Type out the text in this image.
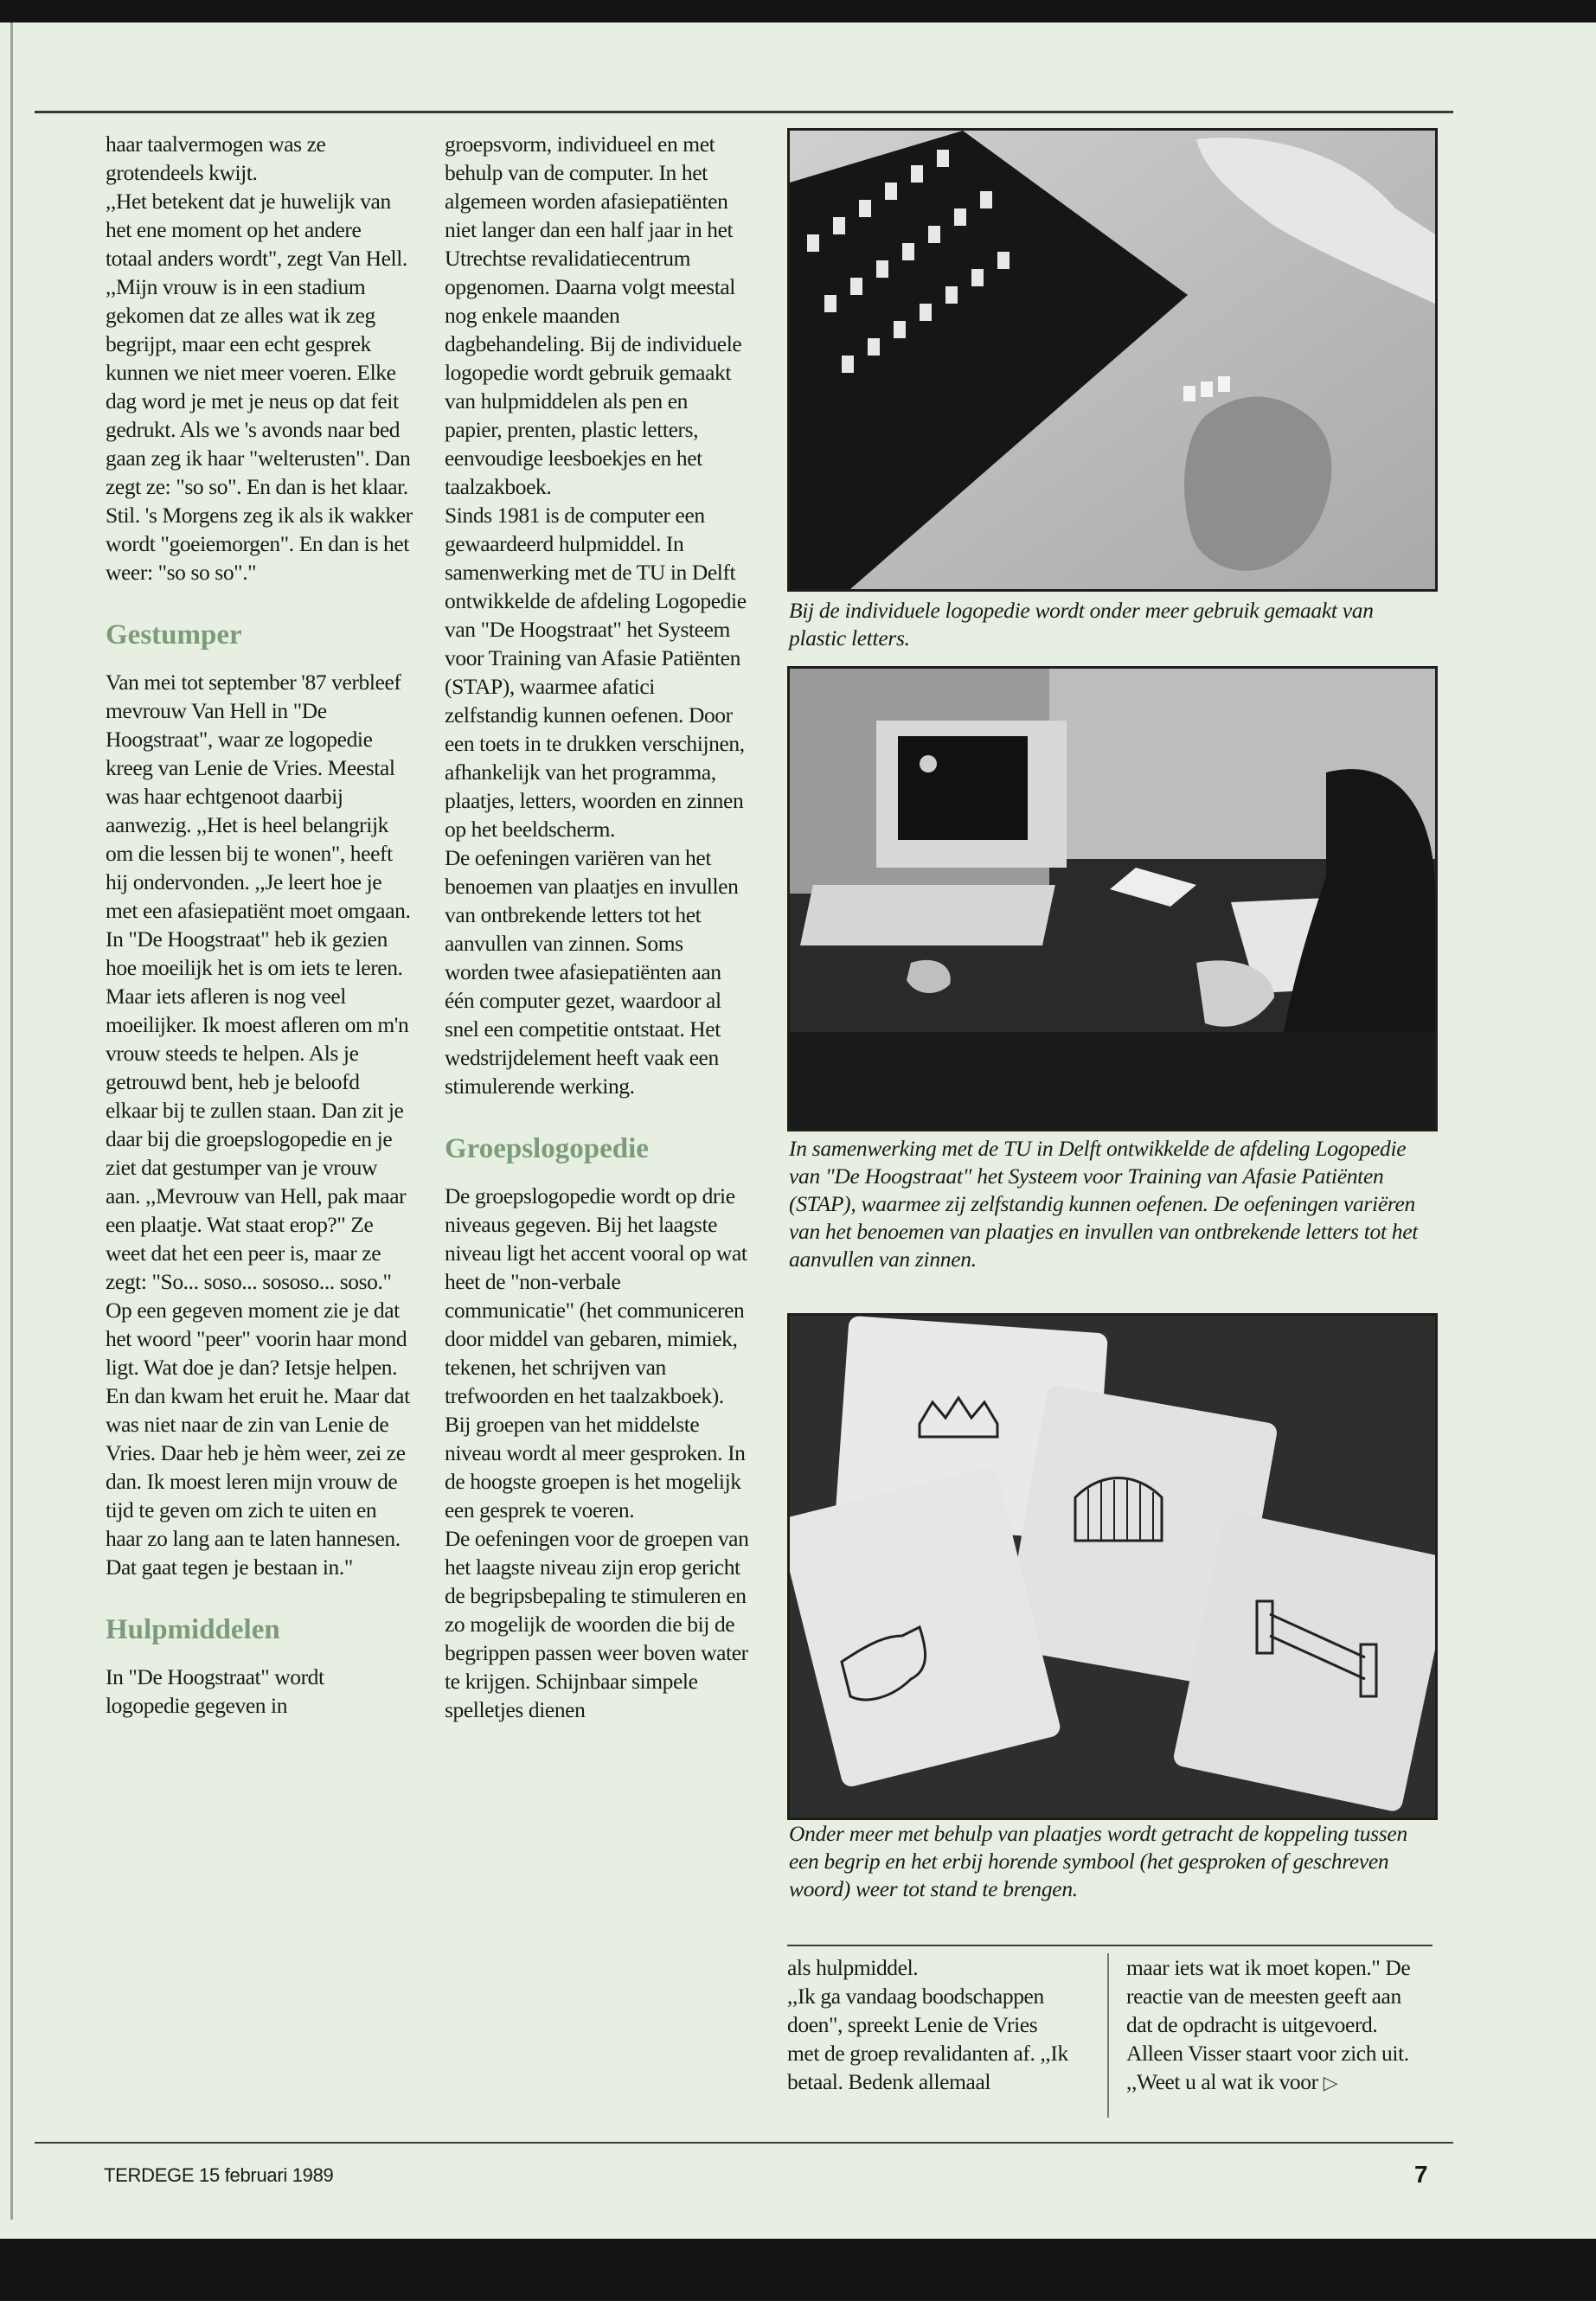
haar taalvermogen was ze grotendeels kwijt.

,,Het betekent dat je huwelijk van het ene moment op het andere totaal anders wordt", zegt Van Hell. ,,Mijn vrouw is in een stadium gekomen dat ze alles wat ik zeg begrijpt, maar een echt gesprek kunnen we niet meer voeren. Elke dag word je met je neus op dat feit gedrukt. Als we 's avonds naar bed gaan zeg ik haar "welterusten". Dan zegt ze: "so so". En dan is het klaar. Stil. 's Morgens zeg ik als ik wakker wordt "goeiemorgen". En dan is het weer: "so so so"."

Gestumper

Van mei tot september '87 verbleef mevrouw Van Hell in "De Hoogstraat", waar ze logopedie kreeg van Lenie de Vries. Meestal was haar echtgenoot daarbij aanwezig. ,,Het is heel belangrijk om die lessen bij te wonen", heeft hij ondervonden. ,,Je leert hoe je met een afasiepatiënt moet omgaan.

In "De Hoogstraat" heb ik gezien hoe moeilijk het is om iets te leren. Maar iets afleren is nog veel moeilijker. Ik moest afleren om m'n vrouw steeds te helpen. Als je getrouwd bent, heb je beloofd elkaar bij te zullen staan. Dan zit je daar bij die groepslogopedie en je ziet dat gestumper van je vrouw aan. ,,Mevrouw van Hell, pak maar een plaatje. Wat staat erop?" Ze weet dat het een peer is, maar ze zegt: "So... soso... sososo... soso."

Op een gegeven moment zie je dat het woord "peer" voorin haar mond ligt. Wat doe je dan? Ietsje helpen. En dan kwam het eruit he. Maar dat was niet naar de zin van Lenie de Vries. Daar heb je hèm weer, zei ze dan. Ik moest leren mijn vrouw de tijd te geven om zich te uiten en haar zo lang aan te laten hannesen. Dat gaat tegen je bestaan in."

Hulpmiddelen

In "De Hoogstraat" wordt logopedie gegeven in

groepsvorm, individueel en met behulp van de computer. In het algemeen worden afasiepatiënten niet langer dan een half jaar in het Utrechtse revalidatiecentrum opgenomen. Daarna volgt meestal nog enkele maanden dagbehandeling. Bij de individuele logopedie wordt gebruik gemaakt van hulpmiddelen als pen en papier, prenten, plastic letters, eenvoudige leesboekjes en het taalzakboek.

Sinds 1981 is de computer een gewaardeerd hulpmiddel. In samenwerking met de TU in Delft ontwikkelde de afdeling Logopedie van "De Hoogstraat" het Systeem voor Training van Afasie Patiënten (STAP), waarmee afatici zelfstandig kunnen oefenen. Door een toets in te drukken verschijnen, afhankelijk van het programma, plaatjes, letters, woorden en zinnen op het beeldscherm.

De oefeningen variëren van het benoemen van plaatjes en invullen van ontbrekende letters tot het aanvullen van zinnen. Soms worden twee afasiepatiënten aan één computer gezet, waardoor al snel een competitie ontstaat. Het wedstrijdelement heeft vaak een stimulerende werking.

Groepslogopedie

De groepslogopedie wordt op drie niveaus gegeven. Bij het laagste niveau ligt het accent vooral op wat heet de "non-verbale communicatie" (het communiceren door middel van gebaren, mimiek, tekenen, het schrijven van trefwoorden en het taalzakboek). Bij groepen van het middelste niveau wordt al meer gesproken. In de hoogste groepen is het mogelijk een gesprek te voeren.

De oefeningen voor de groepen van het laagste niveau zijn erop gericht de begripsbepaling te stimuleren en zo mogelijk de woorden die bij de begrippen passen weer boven water te krijgen. Schijnbaar simpele spelletjes dienen

Bij de individuele logopedie wordt onder meer gebruik gemaakt van plastic letters.
In samenwerking met de TU in Delft ontwikkelde de afdeling Logopedie van "De Hoogstraat" het Systeem voor Training van Afasie Patiënten (STAP), waarmee zij zelfstandig kunnen oefenen. De oefeningen variëren van het benoemen van plaatjes en invullen van ontbrekende letters tot het aanvullen van zinnen.
Onder meer met behulp van plaatjes wordt getracht de koppeling tussen een begrip en het erbij horende symbool (het gesproken of geschreven woord) weer tot stand te brengen.

als hulpmiddel.

,,Ik ga vandaag boodschappen doen", spreekt Lenie de Vries met de groep revalidanten af. ,,Ik betaal. Bedenk allemaal

maar iets wat ik moet kopen." De reactie van de meesten geeft aan dat de opdracht is uitgevoerd. Alleen Visser staart voor zich uit. ,,Weet u al wat ik voor ▷

TERDEGE 15 februari 1989	7
